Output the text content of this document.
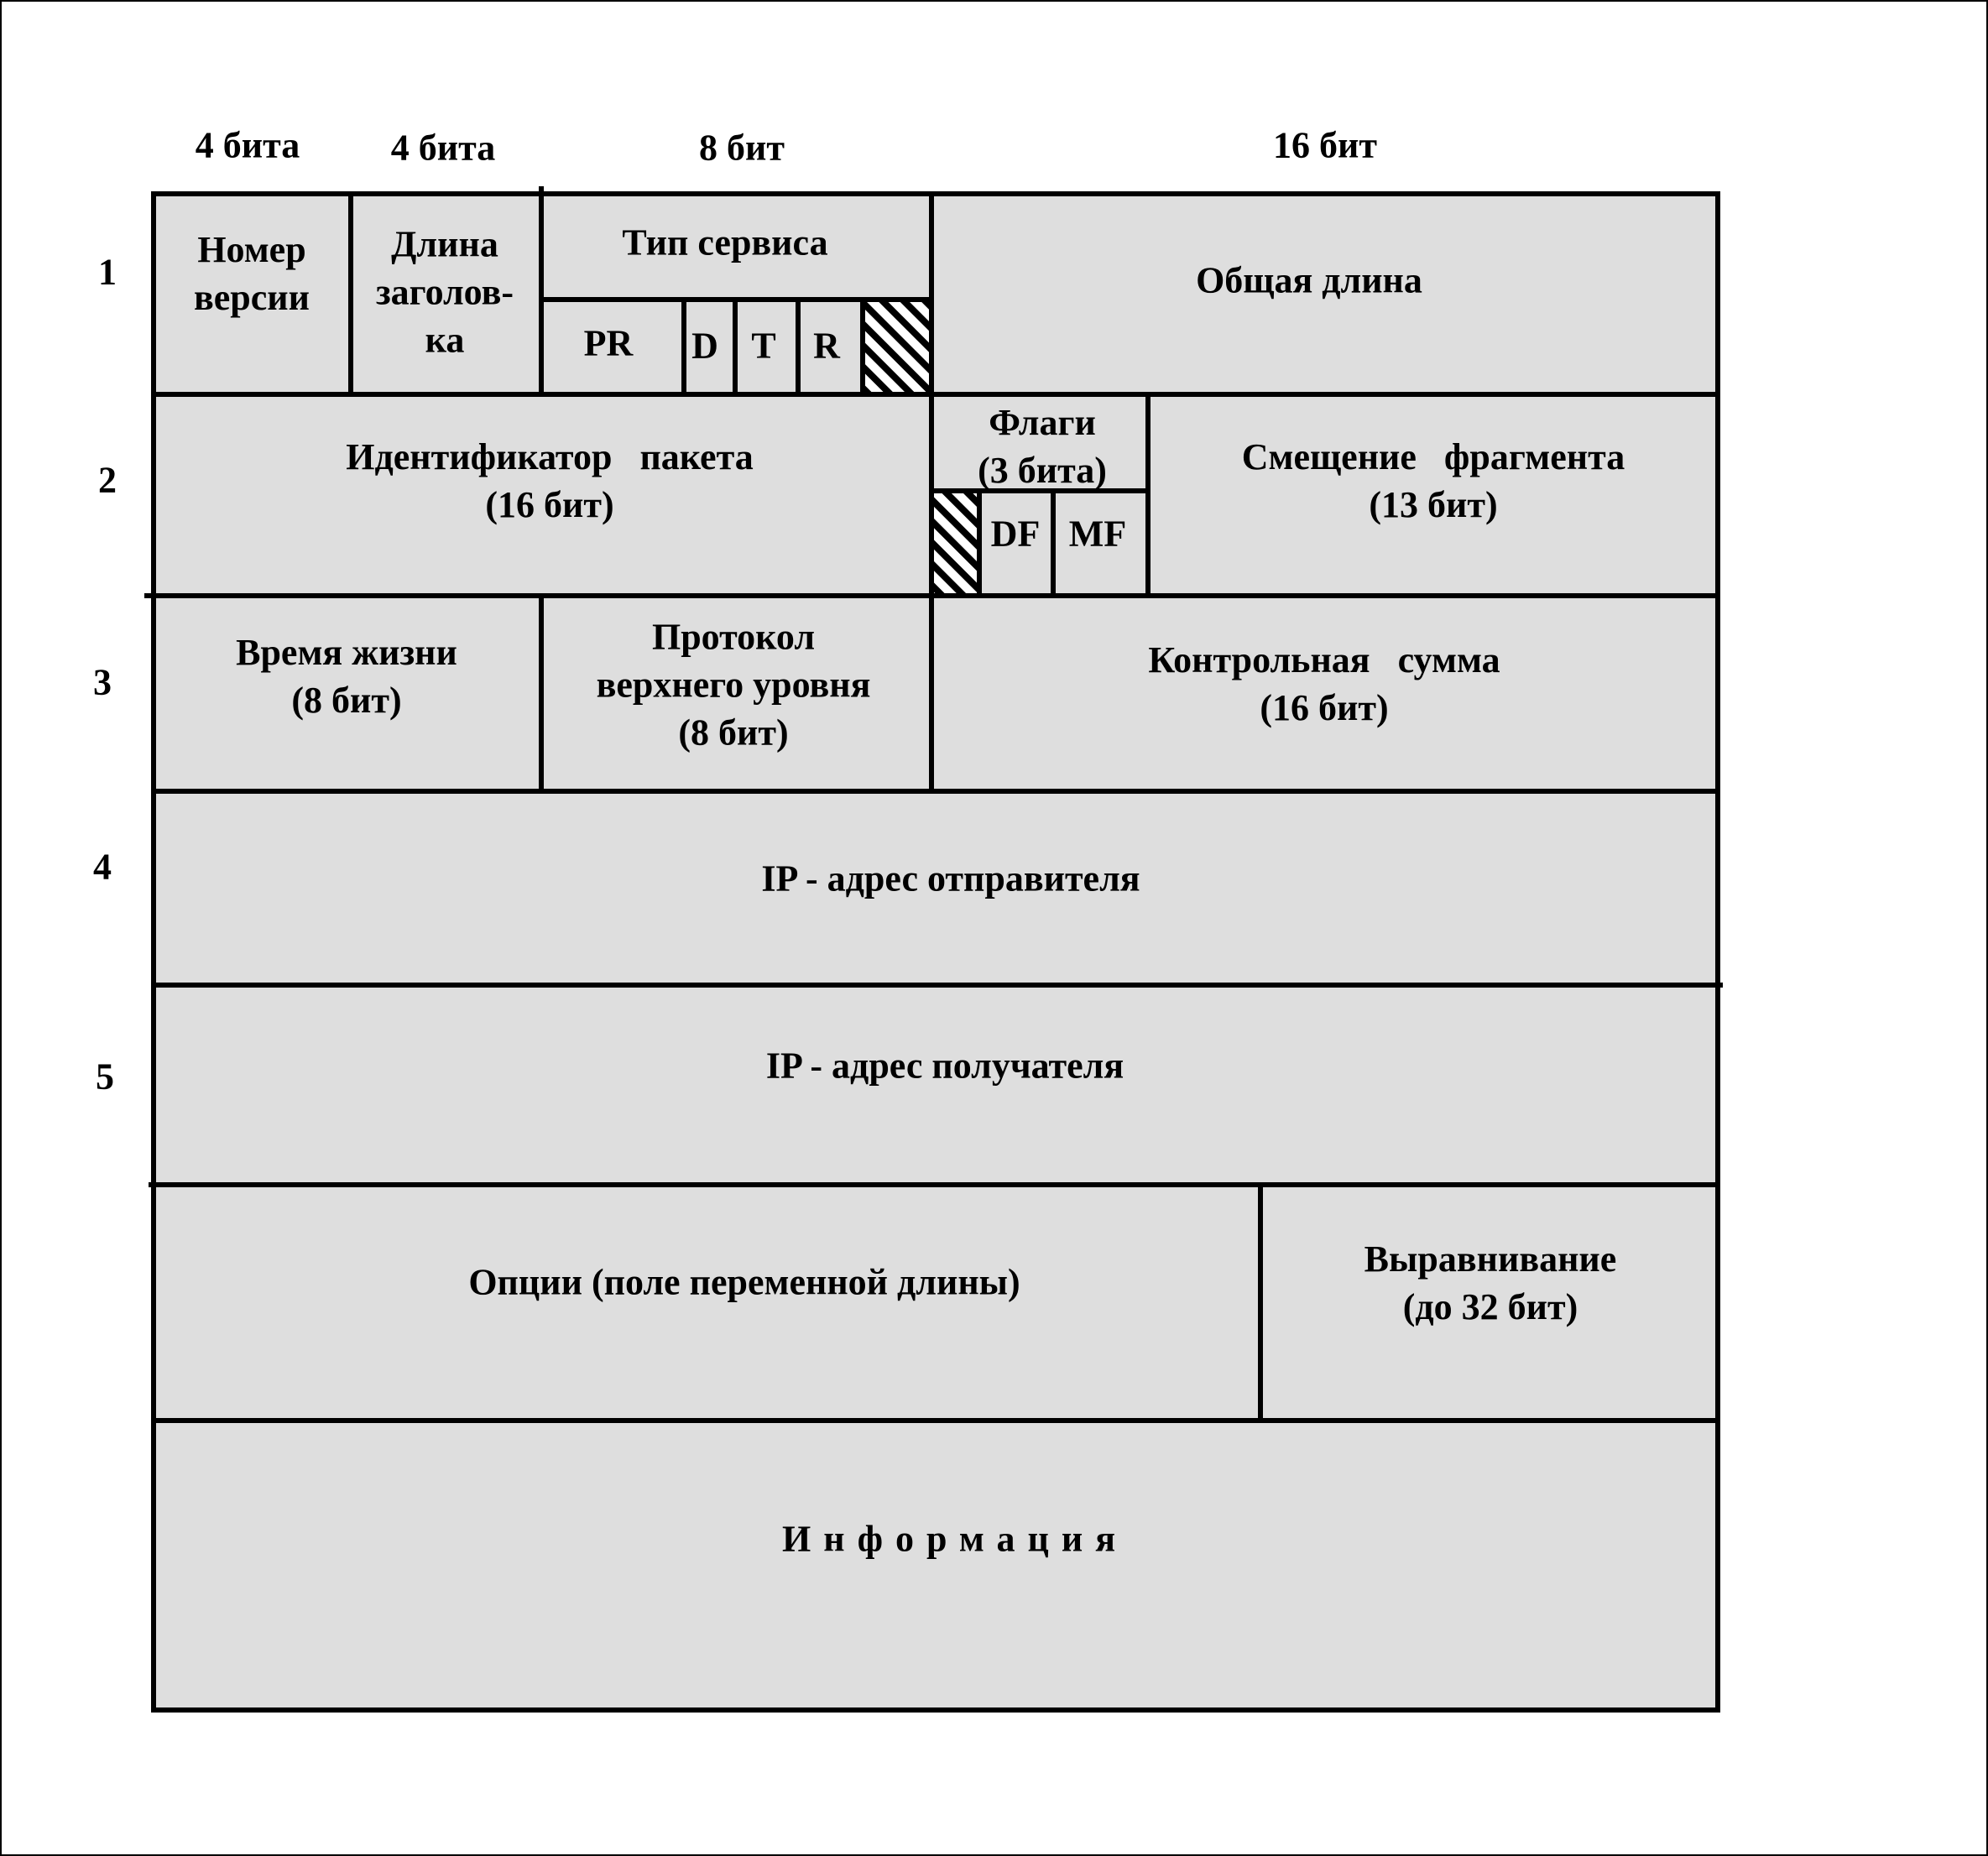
4 бита 4 бита	8 бит	16 бит
1
2
3
4
5
Номер
версии
Длина
заголов-
ка
Тип сервиса
PR D T R
Общая длина
Идентификатор   пакета
(16 бит)
Флаги
(3 бита)
DF MF
Смещение   фрагмента
(13 бит)
Время жизни
(8 бит)
Протокол
верхнего уровня
(8 бит)
Контрольная   сумма
(16 бит)
IP - адрес отправителя
IP - адрес получателя
Опции (поле переменной длины)
Выравнивание
(до 32 бит)
Информация
